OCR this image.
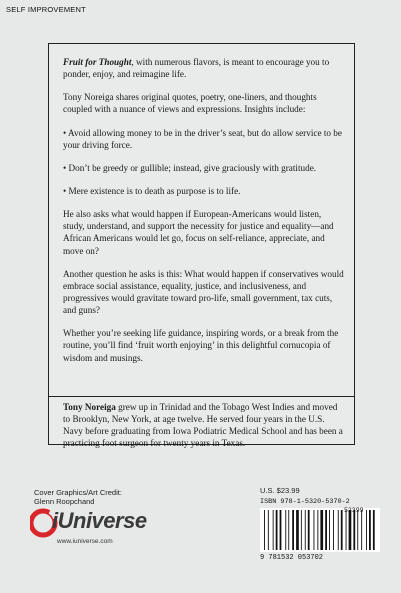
SELF IMPROVEMENT

Fruit for Thought, with numerous flavors, is meant to encourage you to ponder, enjoy, and reimagine life.

Tony Noreiga shares original quotes, poetry, one-liners, and thoughts coupled with a nuance of views and expressions. Insights include:

• Avoid allowing money to be in the driver’s seat, but do allow service to be your driving force.

• Don’t be greedy or gullible; instead, give graciously with gratitude.

• Mere existence is to death as purpose is to life.

He also asks what would happen if European-Americans would listen, study, understand, and support the necessity for justice and equality—and African Americans would let go, focus on self-reliance, appreciate, and move on?

Another question he asks is this: What would happen if conservatives would embrace social assistance, equality, justice, and inclusiveness, and progressives would gravitate toward pro-life, small government, tax cuts, and guns?

Whether you’re seeking life guidance, inspiring words, or a break from the routine, you’ll find ‘fruit worth enjoying’ in this delightful cornucopia of wisdom and musings.

Tony Noreiga grew up in Trinidad and the Tobago West Indies and moved to Brooklyn, New York, at age twelve. He served four years in the U.S. Navy before graduating from Iowa Podiatric Medical School and has been a practicing foot surgeon for twenty years in Texas.
Cover Graphics/Art Credit:
Glenn Roopchand
iUniverse
www.iuniverse.com
U.S. $23.99
ISBN 978-1-5320-5370-2
52399
9 781532 053702
